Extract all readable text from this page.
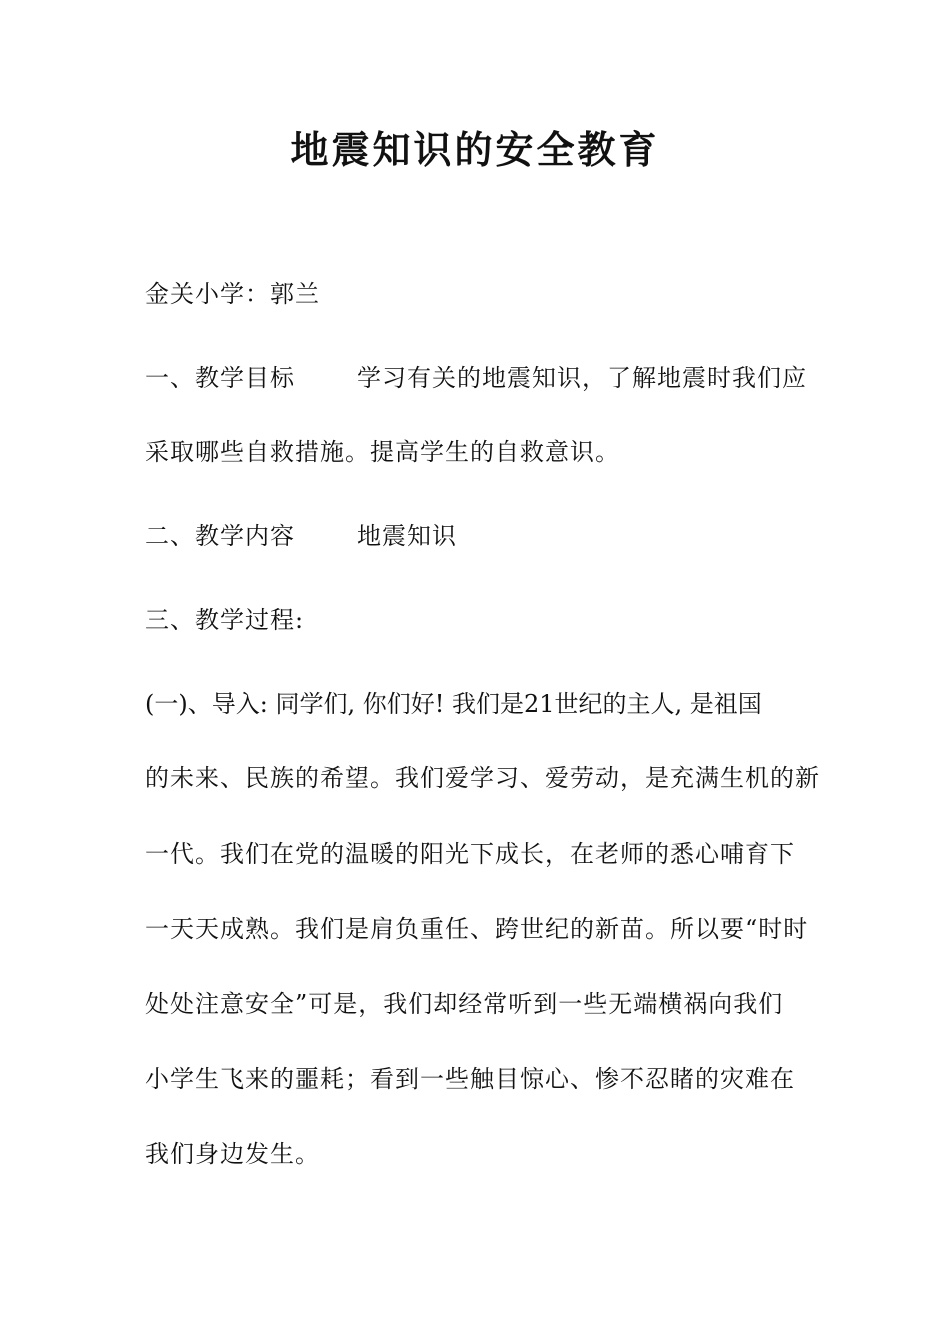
地震知识的安全教育
金关小学：郭兰
一、教学目标	学习有关的地震知识，了解地震时我们应
采取哪些自救措施。提高学生的自救意识。
二、教学内容	地震知识
三、教学过程:
(一)、导入: 同学们, 你们好! 我们是21世纪的主人, 是祖国
的未来、民族的希望。我们爱学习、爱劳动，是充满生机的新
一代。我们在党的温暖的阳光下成长，在老师的悉心哺育下
一天天成熟。我们是肩负重任、跨世纪的新苗。所以要“时时
处处注意安全”可是，我们却经常听到一些无端横祸向我们
小学生飞来的噩耗；看到一些触目惊心、惨不忍睹的灾难在
我们身边发生。
